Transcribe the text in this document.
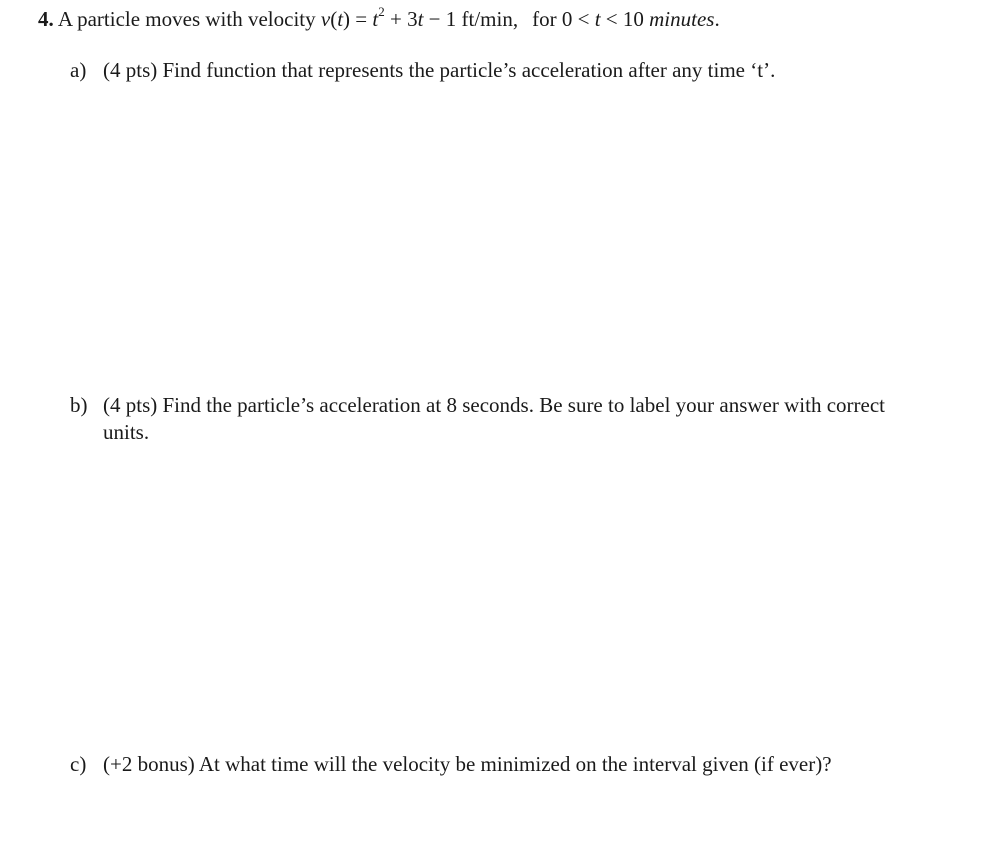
4. A particle moves with velocity $v(t) = t^2 + 3t - 1$ ft/min, for 0 < t < 10 minutes.
a) (4 pts) Find function that represents the particle’s acceleration after any time ‘t’.
b) (4 pts) Find the particle’s acceleration at 8 seconds. Be sure to label your answer with correct
units.
c) (+2 bonus) At what time will the velocity be minimized on the interval given (if ever)?
